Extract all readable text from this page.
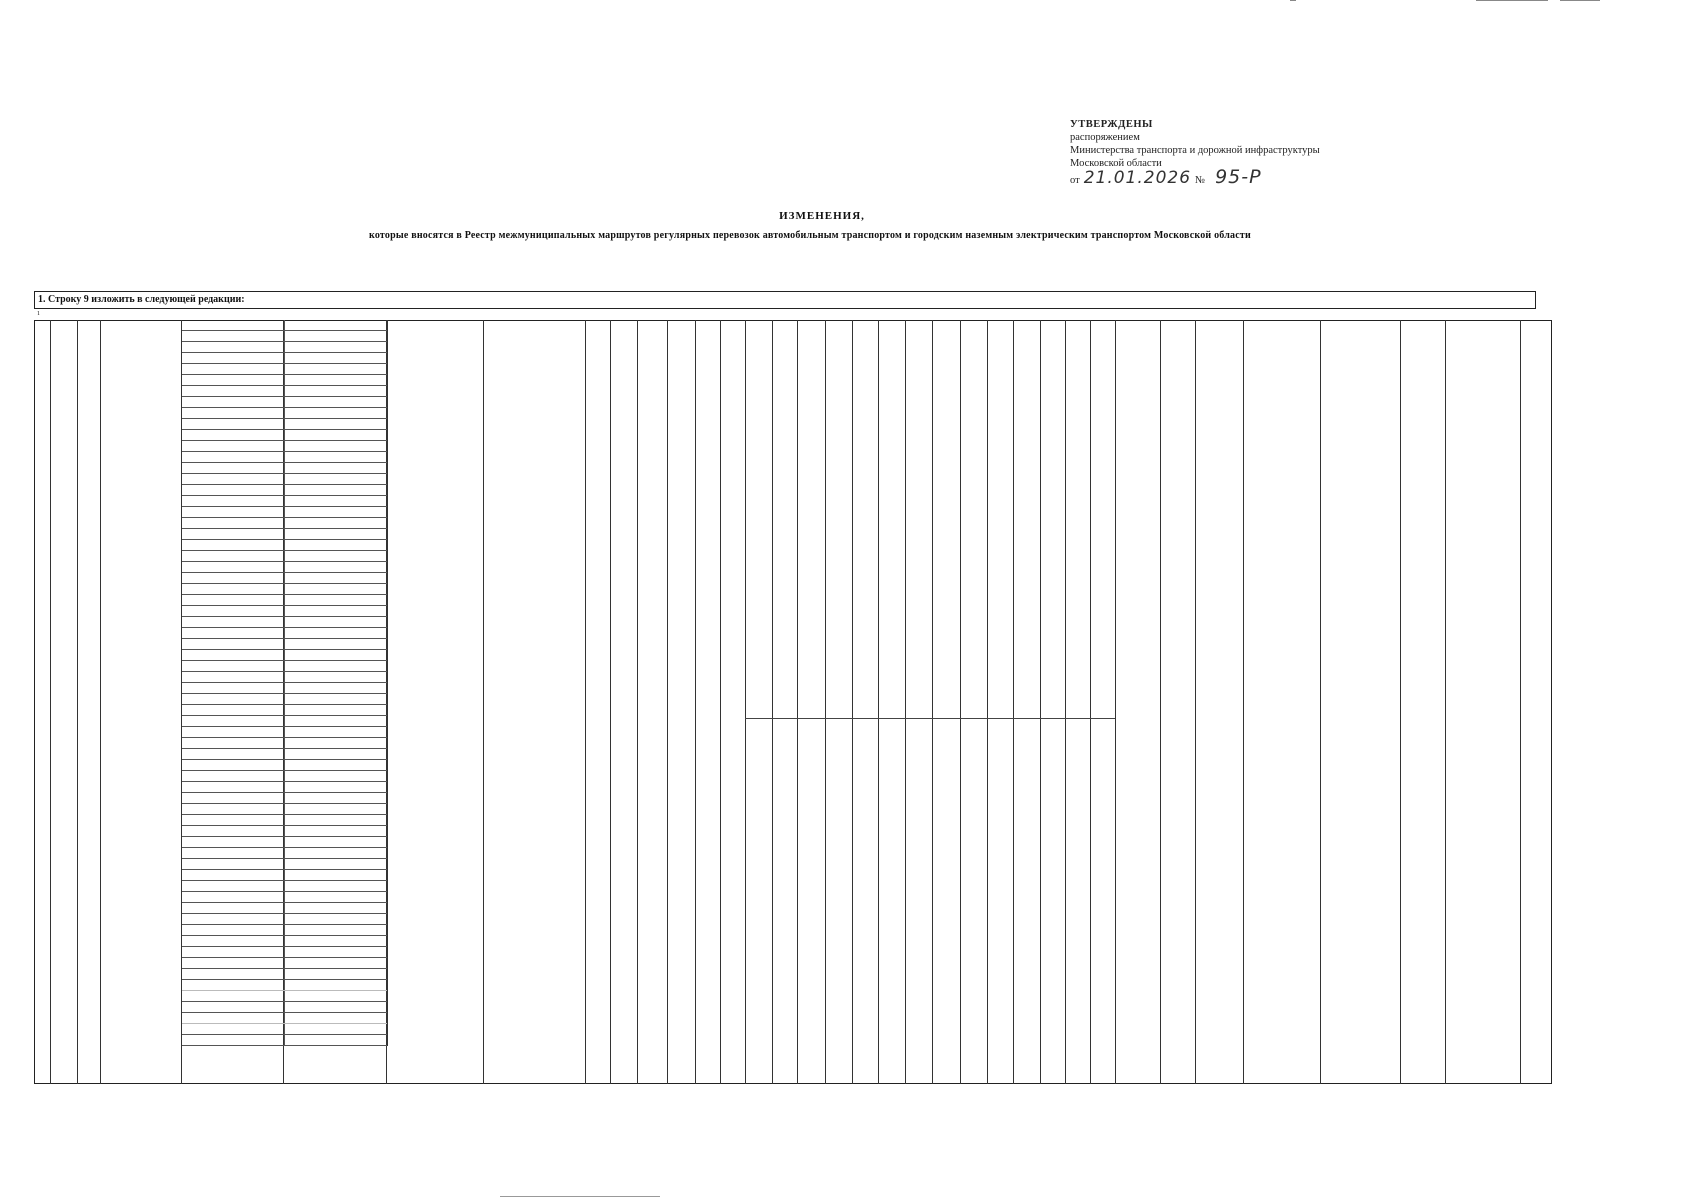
УТВЕРЖДЕНЫ
распоряжением
Министерства транспорта и дорожной инфраструктуры
Московской области
от 21.01.2026 № 95-Р
ИЗМЕНЕНИЯ,
которые вносятся в Реестр межмуниципальных маршрутов регулярных перевозок автомобильным транспортом и городским наземным электрическим транспортом Московской области
1. Строку 9 изложить в следующей редакции:
1
